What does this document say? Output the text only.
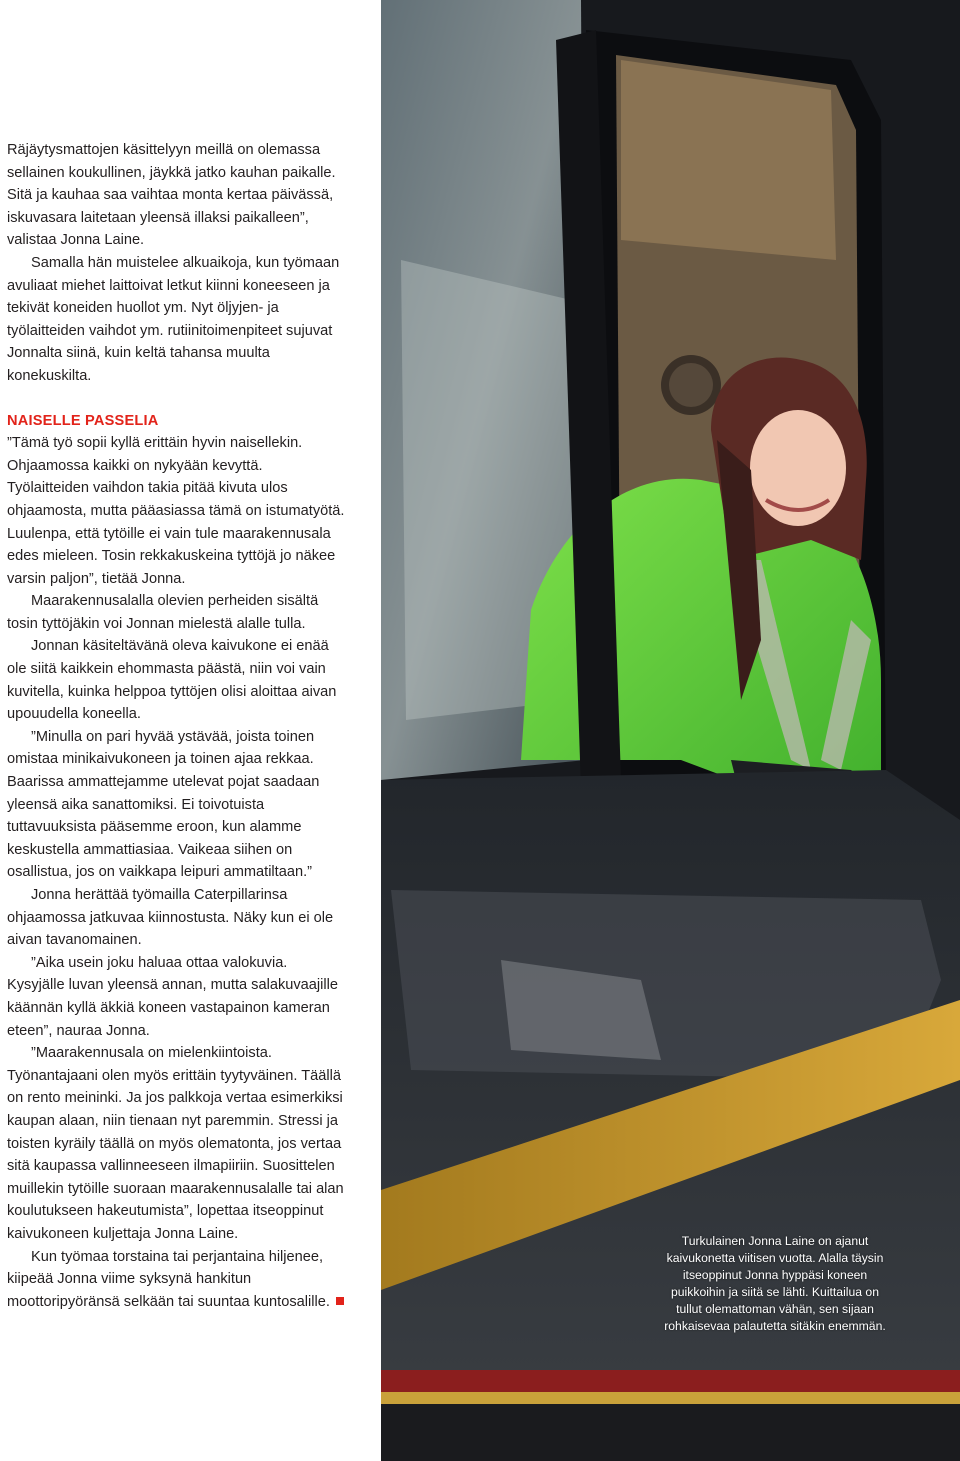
Räjäytysmattojen käsittelyyn meillä on olemassa sellainen koukullinen, jäykkä jatko kauhan paikalle. Sitä ja kauhaa saa vaihtaa monta kertaa päivässä, iskuvasara laitetaan yleensä illaksi paikalleen”, valistaa Jonna Laine.

Samalla hän muistelee alkuaikoja, kun työmaan avuliaat miehet laittoivat letkut kiinni koneeseen ja tekivät koneiden huollot ym. Nyt öljyjen- ja työlaitteiden vaihdot ym. rutiinitoimenpiteet sujuvat Jonnalta siinä, kuin keltä tahansa muulta konekuskilta.

NAISELLE PASSELIA

”Tämä työ sopii kyllä erittäin hyvin naisellekin. Ohjaamossa kaikki on nykyään kevyttä. Työlaitteiden vaihdon takia pitää kivuta ulos ohjaamosta, mutta pääasiassa tämä on istumatyötä. Luulenpa, että tytöille ei vain tule maarakennusala edes mieleen. Tosin rekkakuskeina tyttöjä jo näkee varsin paljon”, tietää Jonna.

Maarakennusalalla olevien perheiden sisältä tosin tyttöjäkin voi Jonnan mielestä alalle tulla.

Jonnan käsiteltävänä oleva kaivukone ei enää ole siitä kaikkein ehommasta päästä, niin voi vain kuvitella, kuinka helppoa tyttöjen olisi aloittaa aivan upouudella koneella.

”Minulla on pari hyvää ystävää, joista toinen omistaa minikaivukoneen ja toinen ajaa rekkaa. Baarissa ammattejamme utelevat pojat saadaan yleensä aika sanattomiksi. Ei toivotuista tuttavuuksista pääsemme eroon, kun alamme keskustella ammattiasiaa. Vaikeaa siihen on osallistua, jos on vaikkapa leipuri ammatiltaan.”

Jonna herättää työmailla Caterpillarinsa ohjaamossa jatkuvaa kiinnostusta. Näky kun ei ole aivan tavanomainen.

”Aika usein joku haluaa ottaa valokuvia. Kysyjälle luvan yleensä annan, mutta salakuvaajille käännän kyllä äkkiä koneen vastapainon kameran eteen”, nauraa Jonna.

”Maarakennusala on mielenkiintoista. Työnantajaani olen myös erittäin tyytyväinen. Täällä on rento meininki. Ja jos palkkoja vertaa esimerkiksi kaupan alaan, niin tienaan nyt paremmin. Stressi ja toisten kyräily täällä on myös olematonta, jos vertaa sitä kaupassa vallinneeseen ilmapiiriin. Suosittelen muillekin tytöille suoraan maarakennusalalle tai alan koulutukseen hakeutumista”, lopettaa itseoppinut kaivukoneen kuljettaja Jonna Laine.

Kun työmaa torstaina tai perjantaina hiljenee, kiipeää Jonna viime syksynä hankitun moottoripyöränsä selkään tai suuntaa kuntosalille.

Turkulainen Jonna Laine on ajanut kaivukonetta viitisen vuotta. Alalla täysin itseoppinut Jonna hyppäsi koneen puikkoihin ja siitä se lähti. Kuittailua on tullut olemattoman vähän, sen sijaan rohkaisevaa palautetta sitäkin enemmän.
